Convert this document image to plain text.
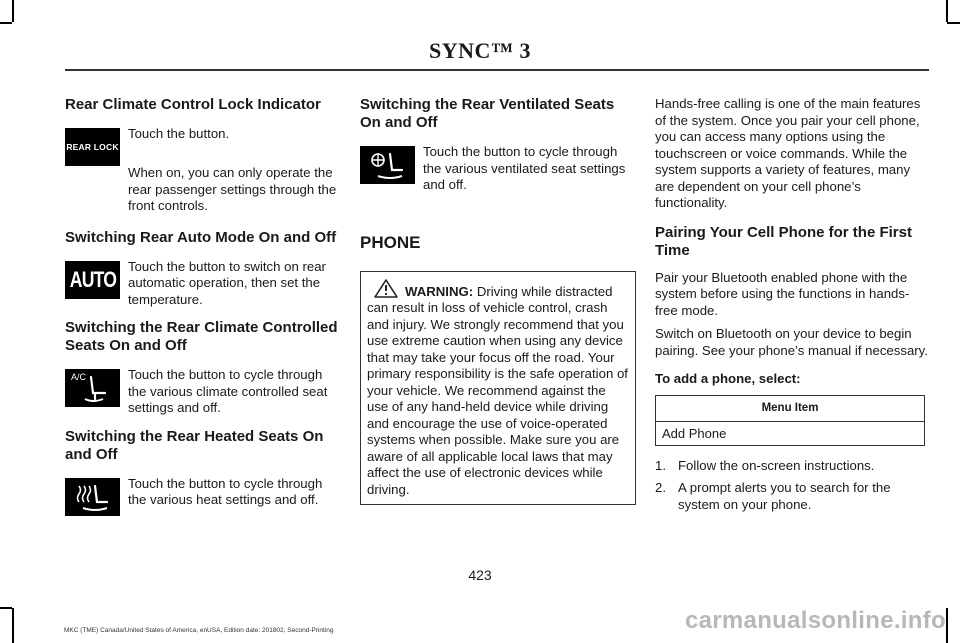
SYNC™ 3
Rear Climate Control Lock Indicator
REAR LOCK

Touch the button.

When on, you can only operate the rear passenger settings through the front controls.

Switching Rear Auto Mode On and Off
AUTO

Touch the button to switch on rear automatic operation, then set the temperature.

Switching the Rear Climate Controlled Seats On and Off
A/C	Touch the button to cycle through the various climate controlled seat settings and off.

Switching the Rear Heated Seats On and Off

Touch the button to cycle through the various heat settings and off.

Switching the Rear Ventilated Seats On and Off

Touch the button to cycle through the various ventilated seat settings and off.

PHONE

WARNING: Driving while distracted can result in loss of vehicle control, crash and injury. We strongly recommend that you use extreme caution when using any device that may take your focus off the road. Your primary responsibility is the safe operation of your vehicle. We recommend against the use of any hand-held device while driving and encourage the use of voice-operated systems when possible. Make sure you are aware of all applicable local laws that may affect the use of electronic devices while driving.

Hands-free calling is one of the main features of the system. Once you pair your cell phone, you can access many options using the touchscreen or voice commands. While the system supports a variety of features, many are dependent on your cell phone’s functionality.

Pairing Your Cell Phone for the First Time

Pair your Bluetooth enabled phone with the system before using the functions in hands-free mode.

Switch on Bluetooth on your device to begin pairing. See your phone’s manual if necessary.

To add a phone, select:

Menu Item
Add Phone
1. Follow the on-screen instructions.
2. A prompt alerts you to search for the system on your phone.
423
MKC (TME) Canada/United States of America, enUSA, Edition date: 201802, Second-Printing	carmanualsonline.info
